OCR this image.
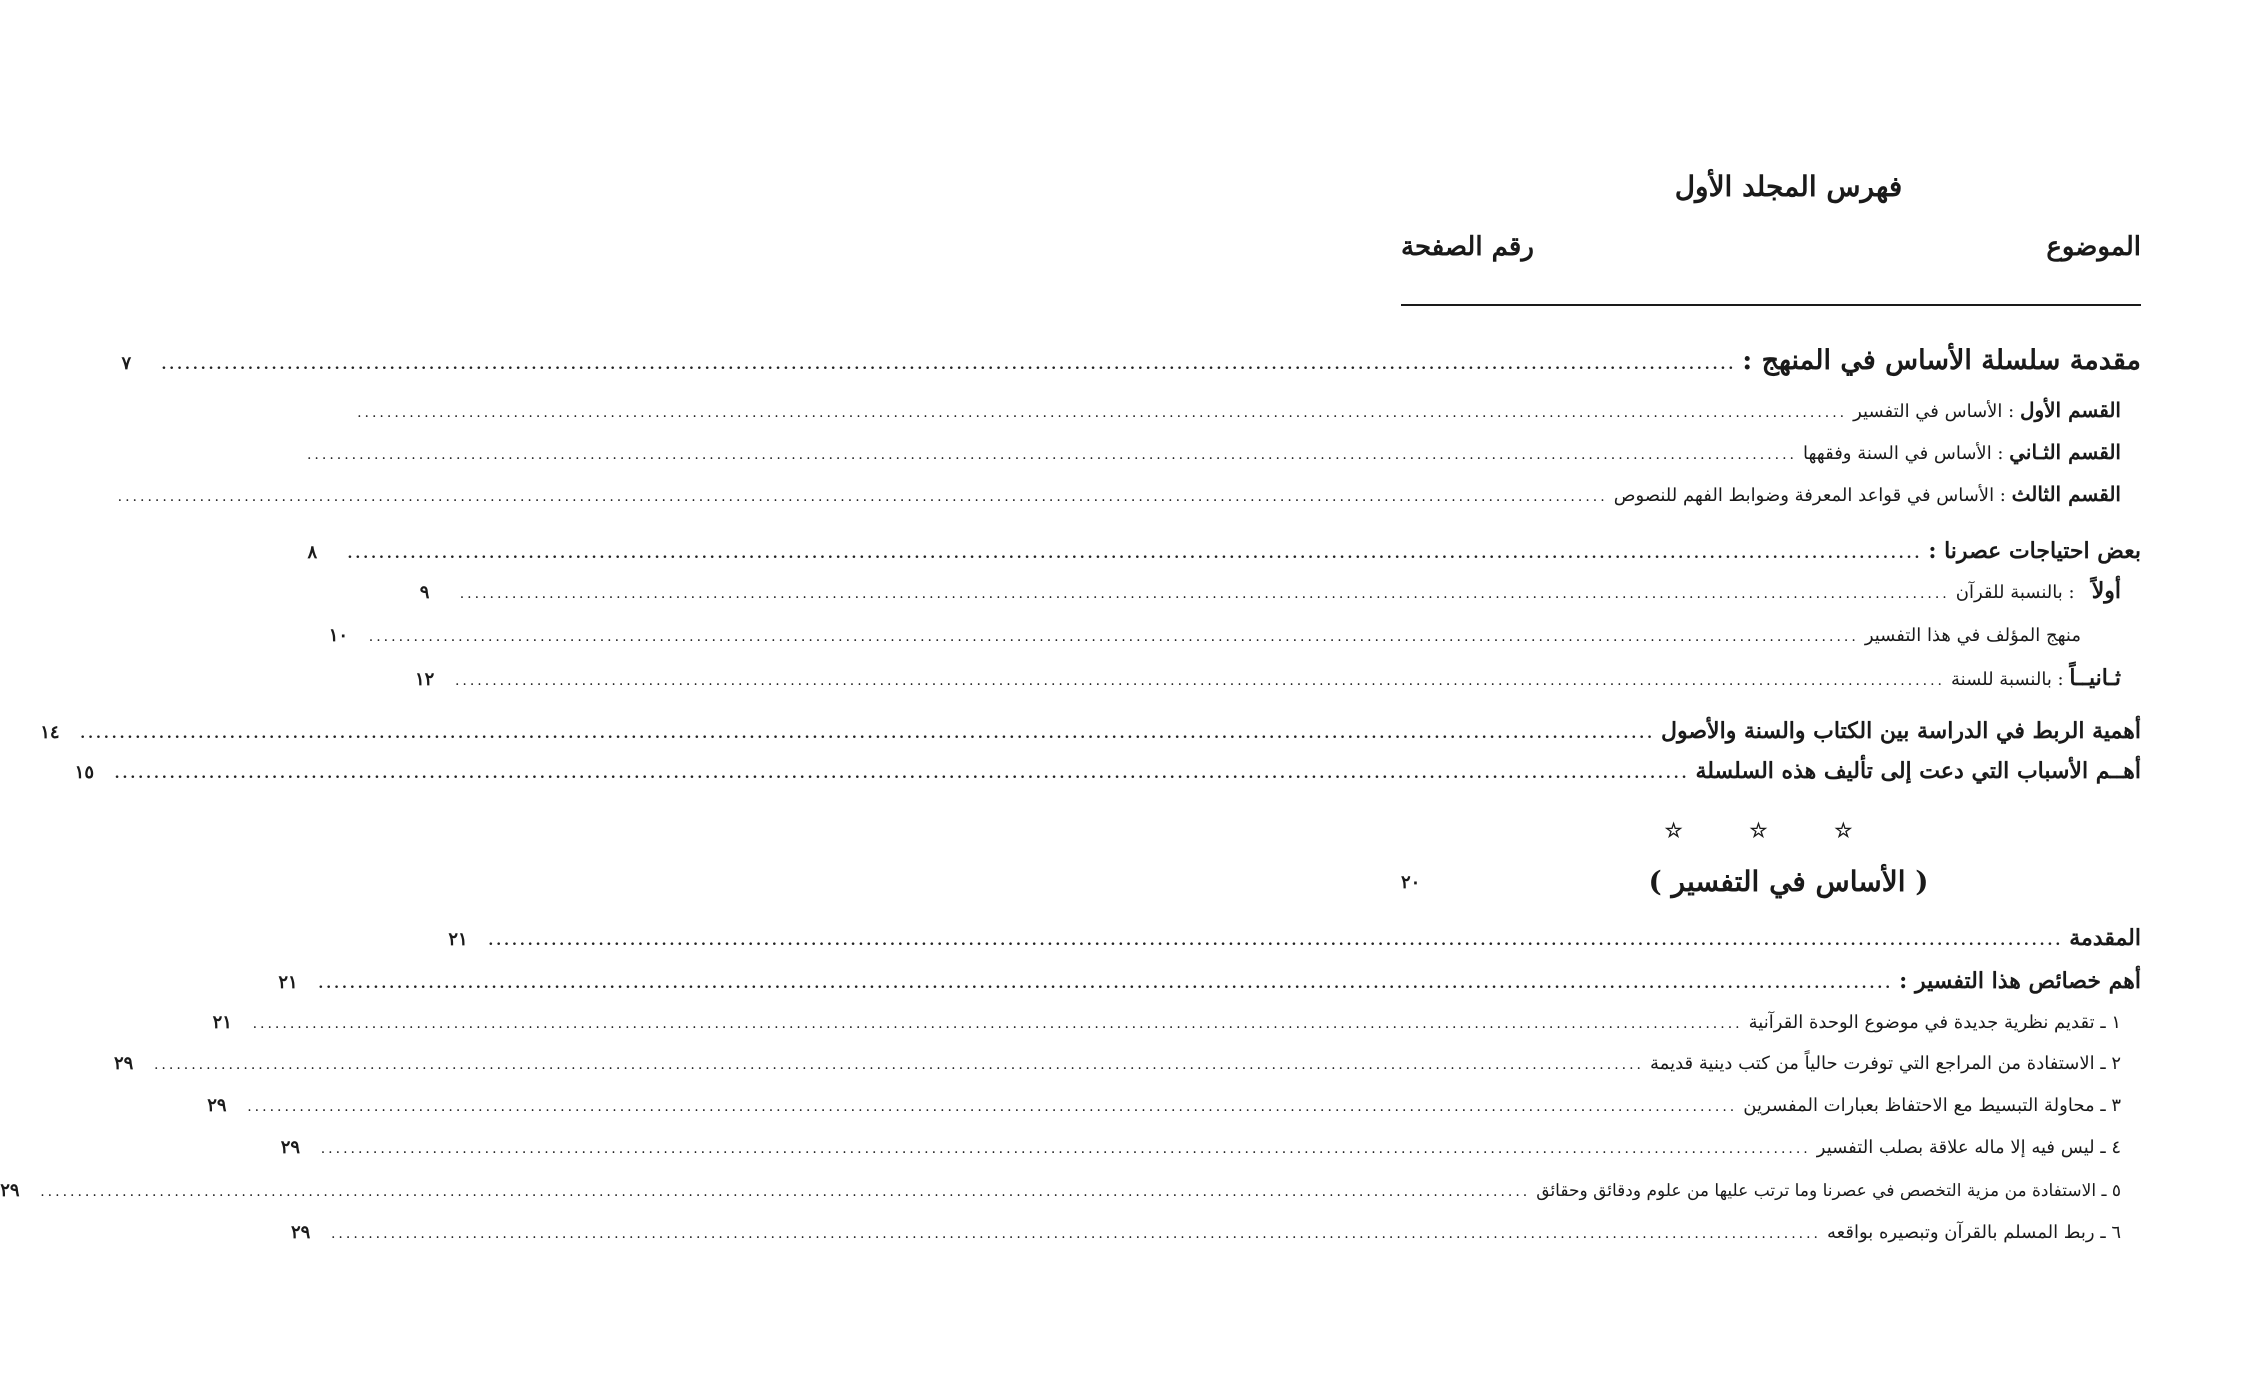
فهرس المجلد الأول
الموضوع
رقم الصفحة
مقدمة سلسلة الأساس في المنهج :
........................................................................................................................................................................................................
٧
القسم الأول : الأساس في التفسير
........................................................................................................................................................................................................
القسم الثـاني : الأساس في السنة وفقهها
........................................................................................................................................................................................................
القسم الثالث : الأساس في قواعد المعرفة وضوابط الفهم للنصوص
........................................................................................................................................................................................................
بعض احتياجات عصرنا :
........................................................................................................................................................................................................
٨
أولاً   : بالنسبة للقرآن
........................................................................................................................................................................................................
٩
منهج المؤلف في هذا التفسير
........................................................................................................................................................................................................
١٠
ثـانيــاً : بالنسبة للسنة
........................................................................................................................................................................................................
١٢
أهمية الربط في الدراسة بين الكتاب والسنة والأصول
........................................................................................................................................................................................................
١٤
أهــم الأسباب التي دعت إلى تأليف هذه السلسلة
........................................................................................................................................................................................................
١٥
☆ ☆ ☆
( الأساس في التفسير )
٢٠
المقدمة
........................................................................................................................................................................................................
٢١
أهم خصائص هذا التفسير :
........................................................................................................................................................................................................
٢١
١ ـ تقديم نظرية جديدة في موضوع الوحدة القرآنية
........................................................................................................................................................................................................
٢١
٢ ـ الاستفادة من المراجع التي توفرت حالياً من كتب دينية قديمة
........................................................................................................................................................................................................
٢٩
٣ ـ محاولة التبسيط مع الاحتفاظ بعبارات المفسرين
........................................................................................................................................................................................................
٢٩
٤ ـ ليس فيه إلا ماله علاقة بصلب التفسير
........................................................................................................................................................................................................
٢٩
٥ ـ الاستفادة من مزية التخصص في عصرنا وما ترتب عليها من علوم ودقائق وحقائق
........................................................................................................................................................................................................
٢٩
٦ ـ ربط المسلم بالقرآن وتبصيره بواقعه
........................................................................................................................................................................................................
٢٩
